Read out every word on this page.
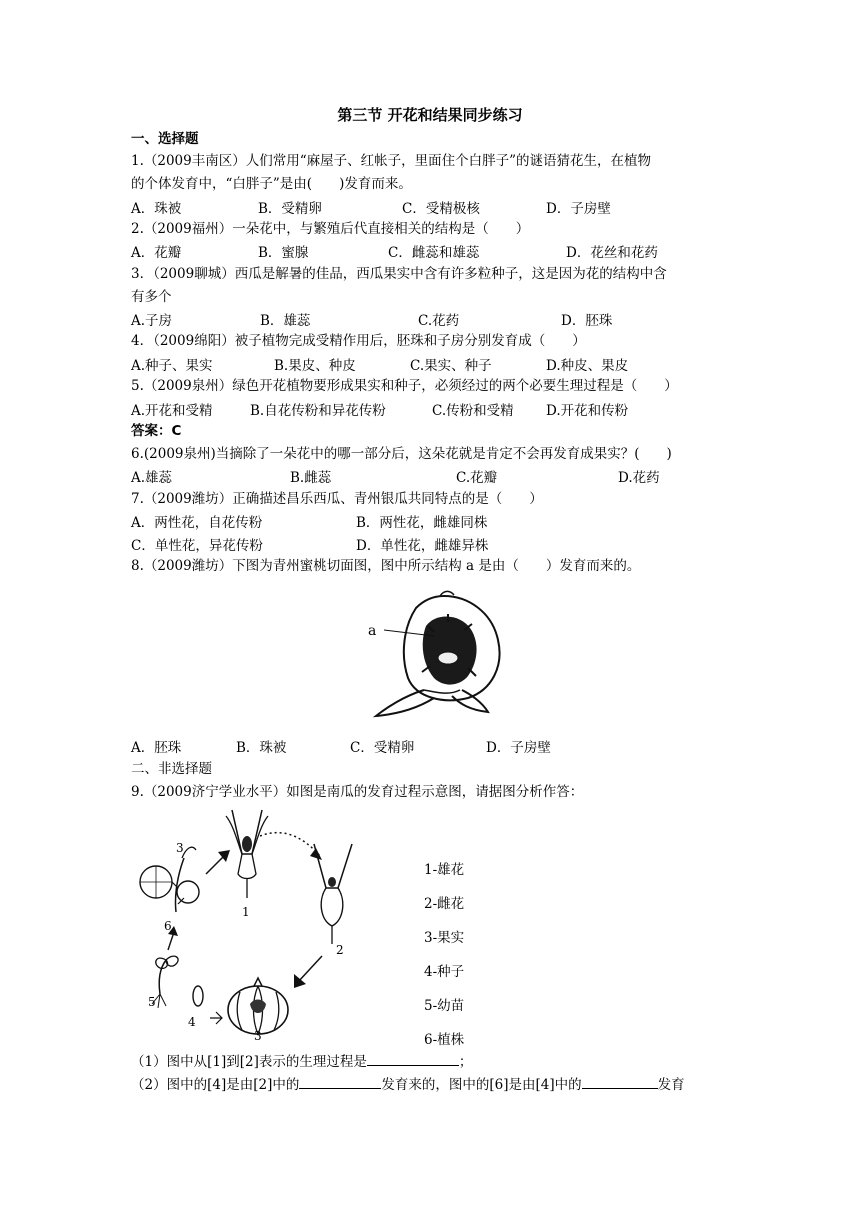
第三节 开花和结果同步练习
一、选择题
1.（2009丰南区）人们常用“麻屋子、红帐子，里面住个白胖子”的谜语猜花生，在植物
的个体发育中，“白胖子”是由(　　)发育而来。
A．珠被	B．受精卵	C．受精极核	D．子房壁
2.（2009福州）一朵花中，与繁殖后代直接相关的结构是（　　）
A．花瓣	B．蜜腺	C．雌蕊和雄蕊	D．花丝和花药
3．（2009聊城）西瓜是解暑的佳品，西瓜果实中含有许多粒种子，这是因为花的结构中含
有多个
A.子房	B．雄蕊	C.花药	D．胚珠
4．（2009绵阳）被子植物完成受精作用后，胚珠和子房分别发育成（　　）
A.种子、果实	B.果皮、种皮	C.果实、种子	D.种皮、果皮
5.（2009泉州）绿色开花植物要形成果实和种子，必须经过的两个必要生理过程是（　　）
A.开花和受精	B.自花传粉和异花传粉	C.传粉和受精 D.开花和传粉
答案：C
6.(2009泉州)当摘除了一朵花中的哪一部分后，这朵花就是肯定不会再发育成果实？(　　)
A.雄蕊	B.雌蕊	C.花瓣	D.花药
7.（2009潍坊）正确描述昌乐西瓜、青州银瓜共同特点的是（　　）
A．两性花，自花传粉	B．两性花，雌雄同株
C．单性花，异花传粉	D．单性花，雌雄异株
8.（2009潍坊）下图为青州蜜桃切面图，图中所示结构 a 是由（　　）发育而来的。
a
A．胚珠	B．珠被	C．受精卵	D．子房壁
二、非选择题
9.（2009济宁学业水平）如图是南瓜的发育过程示意图，请据图分析作答：
1
2
3
4
5
3
6
1-雄花
2-雌花
3-果实
4-种子
5-幼苗
6-植株
（1）图中从[1]到[2]表示的生理过程是	；
（2）图中的[4]是由[2]中的	发育来的，图中的[6]是由[4]中的	发育
